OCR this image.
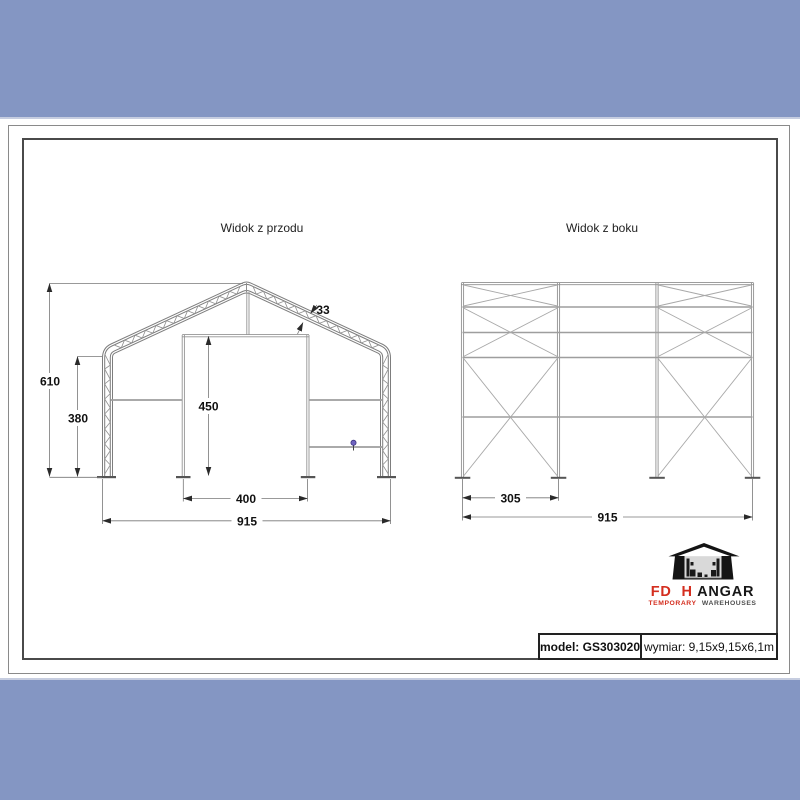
Widok z przodu
610
380
450
400
915
33
Widok z boku
305
915
FD H ANGAR
TEMPORARY WAREHOUSES
model: GS303020 wymiar: 9,15x9,15x6,1m
